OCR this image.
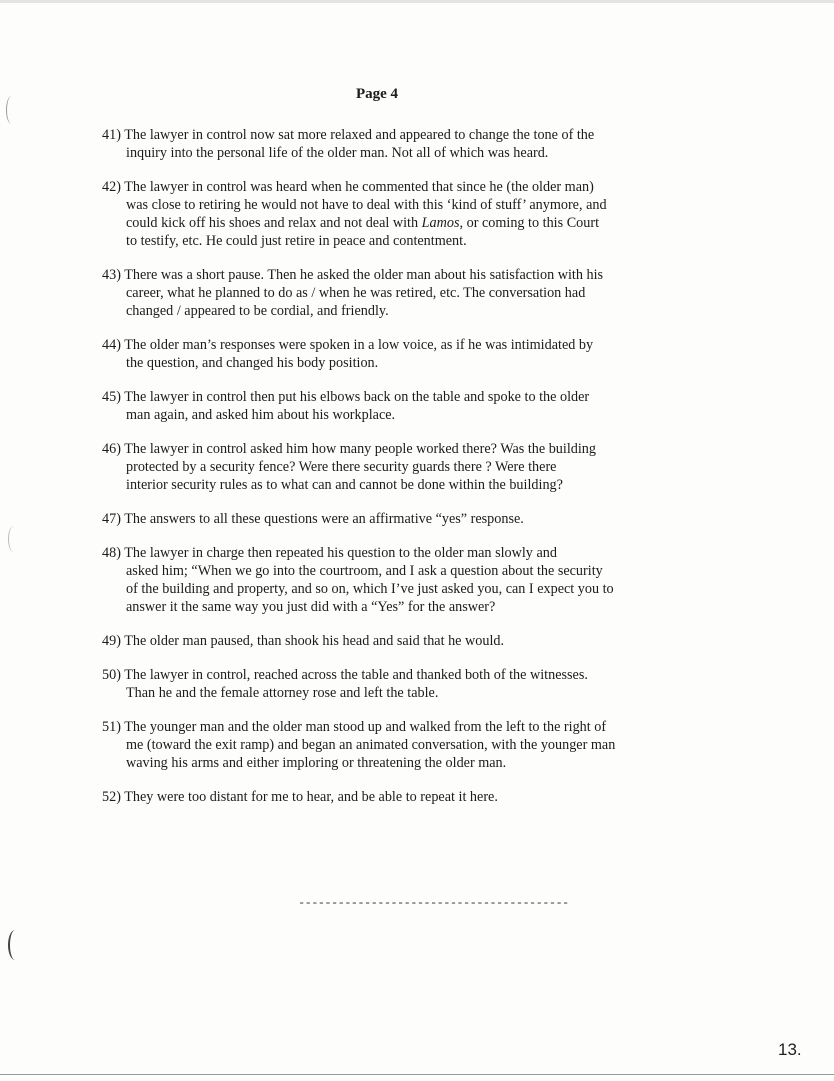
Page 4
41) The lawyer in control now sat more relaxed and appeared to change the tone of the
inquiry into the personal life of the older man. Not all of which was heard.
42) The lawyer in control was heard when he commented that since he (the older man)
was close to retiring he would not have to deal with this ‘kind of stuff’ anymore, and
could kick off his shoes and relax and not deal with Lamos, or coming to this Court
to testify, etc. He could just retire in peace and contentment.
43) There was a short pause. Then he asked the older man about his satisfaction with his
career, what he planned to do as / when he was retired, etc. The conversation had
changed / appeared to be cordial, and friendly.
44) The older man’s responses were spoken in a low voice, as if he was intimidated by
the question, and changed his body position.
45) The lawyer in control then put his elbows back on the table and spoke to the older
man again, and asked him about his workplace.
46) The lawyer in control asked him how many people worked there? Was the building
protected by a security fence? Were there security guards there ? Were there
interior security rules as to what can and cannot be done within the building?
47) The answers to all these questions were an affirmative “yes” response.
48) The lawyer in charge then repeated his question to the older man slowly and
asked him; “When we go into the courtroom, and I ask a question about the security
of the building and property, and so on, which I’ve just asked you, can I expect you to
answer it the same way you just did with a “Yes” for the answer?
49) The older man paused, than shook his head and said that he would.
50) The lawyer in control, reached across the table and thanked both of the witnesses.
Than he and the female attorney rose and left the table.
51) The younger man and the older man stood up and walked from the left to the right of
me (toward the exit ramp) and began an animated conversation, with the younger man
waving his arms and either imploring or threatening the older man.
52) They were too distant for me to hear, and be able to repeat it here.
-----------------------------------------
13.
